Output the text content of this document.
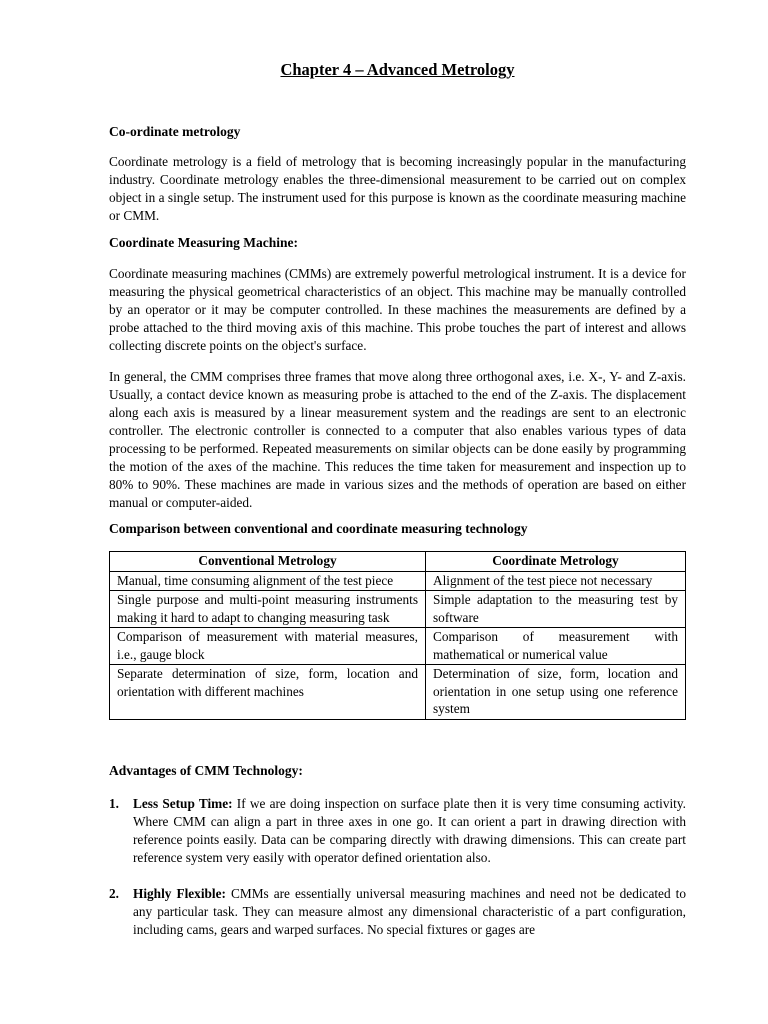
Chapter 4 – Advanced Metrology
Co-ordinate metrology

Coordinate metrology is a field of metrology that is becoming increasingly popular in the manufacturing industry. Coordinate metrology enables the three-dimensional measurement to be carried out on complex object in a single setup. The instrument used for this purpose is known as the coordinate measuring machine or CMM.

Coordinate Measuring Machine:

Coordinate measuring machines (CMMs) are extremely powerful metrological instrument. It is a device for measuring the physical geometrical characteristics of an object. This machine may be manually controlled by an operator or it may be computer controlled. In these machines the measurements are defined by a probe attached to the third moving axis of this machine. This probe touches the part of interest and allows collecting discrete points on the object's surface.

In general, the CMM comprises three frames that move along three orthogonal axes, i.e. X-, Y- and Z-axis. Usually, a contact device known as measuring probe is attached to the end of the Z-axis. The displacement along each axis is measured by a linear measurement system and the readings are sent to an electronic controller. The electronic controller is connected to a computer that also enables various types of data processing to be performed. Repeated measurements on similar objects can be done easily by programming the motion of the axes of the machine. This reduces the time taken for measurement and inspection up to 80% to 90%. These machines are made in various sizes and the methods of operation are based on either manual or computer-aided.

Comparison between conventional and coordinate measuring technology
Conventional Metrology	Coordinate Metrology
Manual, time consuming alignment of the test piece	Alignment of the test piece not necessary
Single purpose and multi-point measuring instruments making it hard to adapt to changing measuring task	Simple adaptation to the measuring test by software
Comparison of measurement with material measures, i.e., gauge block	Comparison of measurement with mathematical or numerical value
Separate determination of size, form, location and orientation with different machines	Determination of size, form, location and orientation in one setup using one reference system
Advantages of CMM Technology:
1. Less Setup Time: If we are doing inspection on surface plate then it is very time consuming activity. Where CMM can align a part in three axes in one go. It can orient a part in drawing direction with reference points easily. Data can be comparing directly with drawing dimensions. This can create part reference system very easily with operator defined orientation also.
2. Highly Flexible: CMMs are essentially universal measuring machines and need not be dedicated to any particular task. They can measure almost any dimensional characteristic of a part configuration, including cams, gears and warped surfaces. No special fixtures or gages are
